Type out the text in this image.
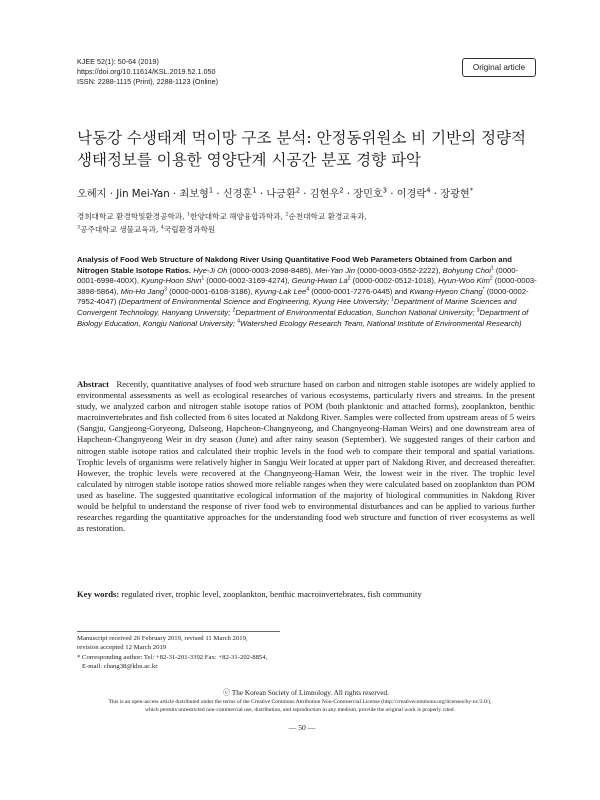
KJEE 52(1): 50-64 (2019)
https://doi.org/10.11614/KSL.2019.52.1.050
ISSN: 2288-1115 (Print), 2288-1123 (Online)
Original article
낙동강 수생태계 먹이망 구조 분석: 안정동위원소 비 기반의 정량적
생태정보를 이용한 영양단계 시공간 분포 경향 파악
오혜지 · Jin Mei-Yan · 최보형$^1$ · 신경훈$^1$ · 나긍환$^2$ · 김현우$^2$ · 장민호$^3$ · 이경락$^4$ · 장광현*
경희대학교 환경학및환경공학과, $^1$한양대학교 해양융합과학과, $^2$순천대학교 환경교육과,
$^3$공주대학교 생물교육과, $^4$국립환경과학원
Analysis of Food Web Structure of Nakdong River Using Quantitative Food Web Parameters Obtained from Carbon and Nitrogen Stable Isotope Ratios. Hye-Ji Oh (0000-0003-2098-8485), Mei-Yan Jin (0000-0003-0552-2222), Bohyung Choi$^1$ (0000-0001-6998-400X), Kyung-Hoon Shin$^1$ (0000-0002-3169-4274), Geung-Hwan La$^2$ (0000-0002-0512-1018), Hyun-Woo Kim$^2$ (0000-0003-3898-5864), Min-Ho Jang$^3$ (0000-0001-6108-3186), Kyung-Lak Lee$^4$ (0000-0001-7276-0445) and Kwang-Hyeon Chang* (0000-0002-7952-4047) (Department of Environmental Science and Engineering, Kyung Hee University; $^1$Department of Marine Sciences and Convergent Technology, Hanyang University; $^2$Department of Environmental Education, Sunchon National University; $^3$Department of Biology Education, Kongju National University; $^4$Watershed Ecology Research Team, National Institute of Environmental Research)
Abstract Recently, quantitative analyses of food web structure based on carbon and nitrogen stable isotopes are widely applied to environmental assessments as well as ecological researches of various ecosystems, particularly rivers and streams. In the present study, we analyzed carbon and nitrogen stable isotope ratios of POM (both planktonic and attached forms), zooplankton, benthic macroinvertebrates and fish collected from 6 sites located at Nakdong River. Samples were collected from upstream areas of 5 weirs (Sangju, Gangjeong-Goryeong, Dalseong, Hapcheon-Changnyeong, and Changnyeong-Haman Weirs) and one downstream area of Hapcheon-Changnyeong Weir in dry season (June) and after rainy season (September). We suggested ranges of their carbon and nitrogen stable isotope ratios and calculated their trophic levels in the food web to compare their temporal and spatial variations. Trophic levels of organisms were relatively higher in Sangju Weir located at upper part of Nakdong River, and decreased thereafter. However, the trophic levels were recovered at the Changnyeong-Haman Weir, the lowest weir in the river. The trophic level calculated by nitrogen stable isotope ratios showed more reliable ranges when they were calculated based on zooplankton than POM used as baseline. The suggested quantitative ecological information of the majority of biological communities in Nakdong River would be helpful to understand the response of river food web to environmental disturbances and can be applied to various further researches regarding the quantitative approaches for the understanding food web structure and function of river ecosystems as well as restoration.
Key words: regulated river, trophic level, zooplankton, benthic macroinvertebrates, fish community
Manuscript received 26 February 2019, revised 11 March 2019,
revision accepted 12 March 2019
* Corresponding author: Tel: +82-31-201-3392 Fax: +82-31-202-8854,
E-mail: chang38@khu.ac.kr
ⓒ The Korean Society of Limnology. All rights reserved.
This is an open-access article distributed under the terms of the Creative Commons Attribution Non-Commercial License (http://creativecommons.org/licenses/by-nc/3.0/),
which permits unrestricted non-commercial use, distribution, and reproduction in any medium, provide the original work is properly cited.
— 50 —
